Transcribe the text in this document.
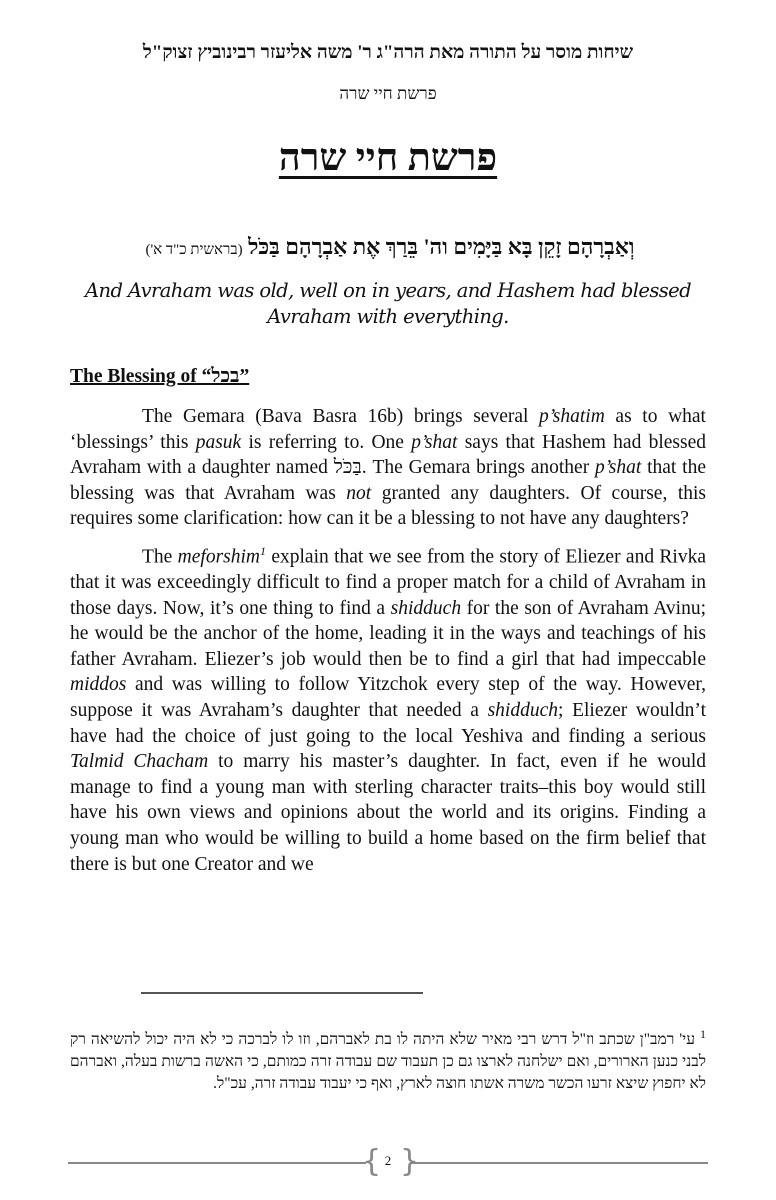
שיחות מוסר על התורה מאת הרה"ג ר' משה אליעזר רבינוביץ זצוק"ל
פרשת חיי שרה
פרשת חיי שרה
וְאַבְרָהָם זָקֵן בָּא בַּיָּמִים וה' בֵּרַךְ אֶת אַבְרָהָם בַּכֹּל (בראשית כ"ד א')
And Avraham was old, well on in years, and Hashem had blessed Avraham with everything.
The Blessing of “בכל”

The Gemara (Bava Basra 16b) brings several p’shatim as to what ‘blessings’ this pasuk is referring to. One p’shat says that Hashem had blessed Avraham with a daughter named בַּכֹּל. The Gemara brings another p’shat that the blessing was that Avraham was not granted any daughters. Of course, this requires some clarification: how can it be a blessing to not have any daughters?

The meforshim$^1$ explain that we see from the story of Eliezer and Rivka that it was exceedingly difficult to find a proper match for a child of Avraham in those days. Now, it’s one thing to find a shidduch for the son of Avraham Avinu; he would be the anchor of the home, leading it in the ways and teachings of his father Avraham. Eliezer’s job would then be to find a girl that had impeccable middos and was willing to follow Yitzchok every step of the way. However, suppose it was Avraham’s daughter that needed a shidduch; Eliezer wouldn’t have had the choice of just going to the local Yeshiva and finding a serious Talmid Chacham to marry his master’s daughter. In fact, even if he would manage to find a young man with sterling character traits–this boy would still have his own views and opinions about the world and its origins. Finding a young man who would be willing to build a home based on the firm belief that there is but one Creator and we

$^1$ עי' רמב"ן שכתב וז"ל דרש רבי מאיר שלא היתה לו בת לאברהם, וזו לו לברכה כי לא היה יכול להשיאה רק לבני כנען הארורים, ואם ישלחנה לארצו גם כן תעבוד שם עבודה זרה כמותם, כי האשה ברשות בעלה, ואברהם לא יחפוץ שיצא זרעו הכשר משרה אשתו חוצה לארץ, ואף כי יעבוד עבודה זרה, עכ"ל.
{ }
2
